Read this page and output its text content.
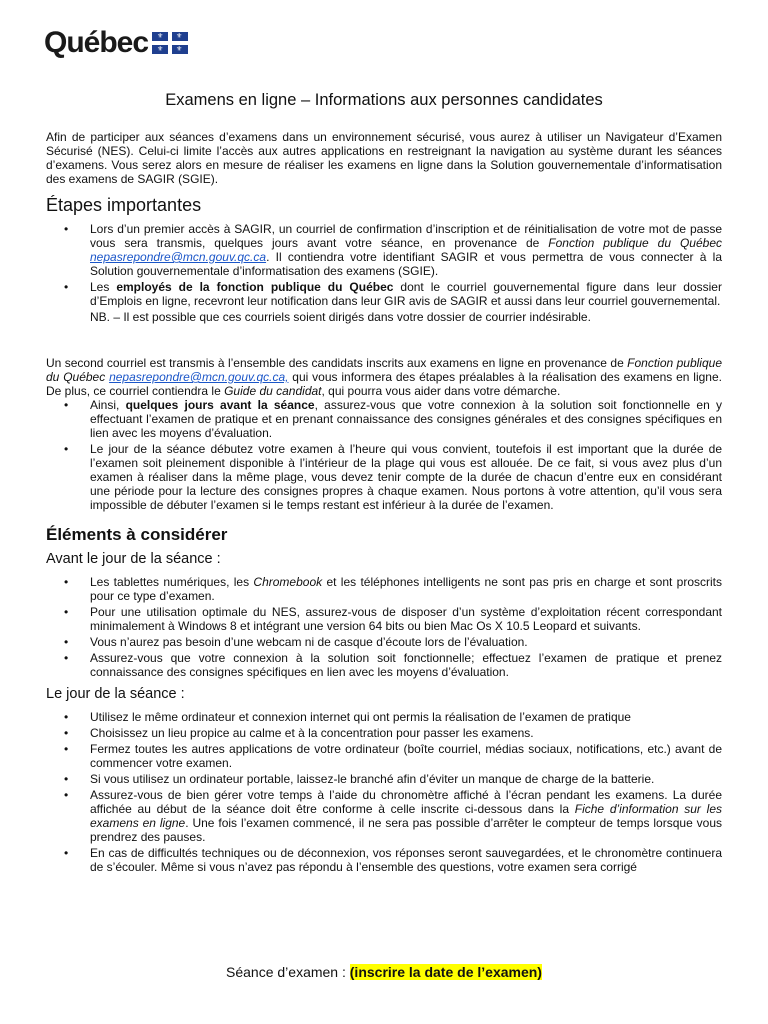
Québec ⚜ ⚜
⚜ ⚜
Examens en ligne – Informations aux personnes candidates

Afin de participer aux séances d’examens dans un environnement sécurisé, vous aurez à utiliser un Navigateur d’Examen Sécurisé (NES). Celui-ci limite l’accès aux autres applications en restreignant la navigation au système durant les séances d’examens. Vous serez alors en mesure de réaliser les examens en ligne dans la Solution gouvernementale d’informatisation des examens de SAGIR (SGIE).

Étapes importantes
• Lors d’un premier accès à SAGIR, un courriel de confirmation d’inscription et de réinitialisation de votre mot de passe vous sera transmis, quelques jours avant votre séance, en provenance de Fonction publique du Québec nepasrepondre@mcn.gouv.qc.ca. Il contiendra votre identifiant SAGIR et vous permettra de vous connecter à la Solution gouvernementale d’informatisation des examens (SGIE).
• Les employés de la fonction publique du Québec dont le courriel gouvernemental figure dans leur dossier d’Emplois en ligne, recevront leur notification dans leur GIR avis de SAGIR et aussi dans leur courriel gouvernemental.
NB. – Il est possible que ces courriels soient dirigés dans votre dossier de courrier indésirable.

Un second courriel est transmis à l’ensemble des candidats inscrits aux examens en ligne en provenance de Fonction publique du Québec nepasrepondre@mcn.gouv.qc.ca, qui vous informera des étapes préalables à la réalisation des examens en ligne. De plus, ce courriel contiendra le Guide du candidat, qui pourra vous aider dans votre démarche.

• Ainsi, quelques jours avant la séance, assurez-vous que votre connexion à la solution soit fonctionnelle en y effectuant l’examen de pratique et en prenant connaissance des consignes générales et des consignes spécifiques en lien avec les moyens d’évaluation.
• Le jour de la séance débutez votre examen à l’heure qui vous convient, toutefois il est important que la durée de l’examen soit pleinement disponible à l’intérieur de la plage qui vous est allouée. De ce fait, si vous avez plus d’un examen à réaliser dans la même plage, vous devez tenir compte de la durée de chacun d’entre eux en considérant une période pour la lecture des consignes propres à chaque examen. Nous portons à votre attention, qu’il vous sera impossible de débuter l’examen si le temps restant est inférieur à la durée de l’examen.
Éléments à considérer
Avant le jour de la séance :
• Les tablettes numériques, les Chromebook et les téléphones intelligents ne sont pas pris en charge et sont proscrits pour ce type d’examen.
• Pour une utilisation optimale du NES, assurez-vous de disposer d’un système d’exploitation récent correspondant minimalement à Windows 8 et intégrant une version 64 bits ou bien Mac Os X 10.5 Leopard et suivants.
• Vous n’aurez pas besoin d’une webcam ni de casque d’écoute lors de l’évaluation.
• Assurez-vous que votre connexion à la solution soit fonctionnelle; effectuez l’examen de pratique et prenez connaissance des consignes spécifiques en lien avec les moyens d’évaluation.
Le jour de la séance :
• Utilisez le même ordinateur et connexion internet qui ont permis la réalisation de l’examen de pratique
• Choisissez un lieu propice au calme et à la concentration pour passer les examens.
• Fermez toutes les autres applications de votre ordinateur (boîte courriel, médias sociaux, notifications, etc.) avant de commencer votre examen.
• Si vous utilisez un ordinateur portable, laissez-le branché afin d’éviter un manque de charge de la batterie.
• Assurez-vous de bien gérer votre temps à l’aide du chronomètre affiché à l’écran pendant les examens. La durée affichée au début de la séance doit être conforme à celle inscrite ci-dessous dans la Fiche d’information sur les examens en ligne. Une fois l’examen commencé, il ne sera pas possible d’arrêter le compteur de temps lorsque vous prendrez des pauses.
• En cas de difficultés techniques ou de déconnexion, vos réponses seront sauvegardées, et le chronomètre continuera de s’écouler. Même si vous n’avez pas répondu à l’ensemble des questions, votre examen sera corrigé
Séance d’examen : (inscrire la date de l’examen)
